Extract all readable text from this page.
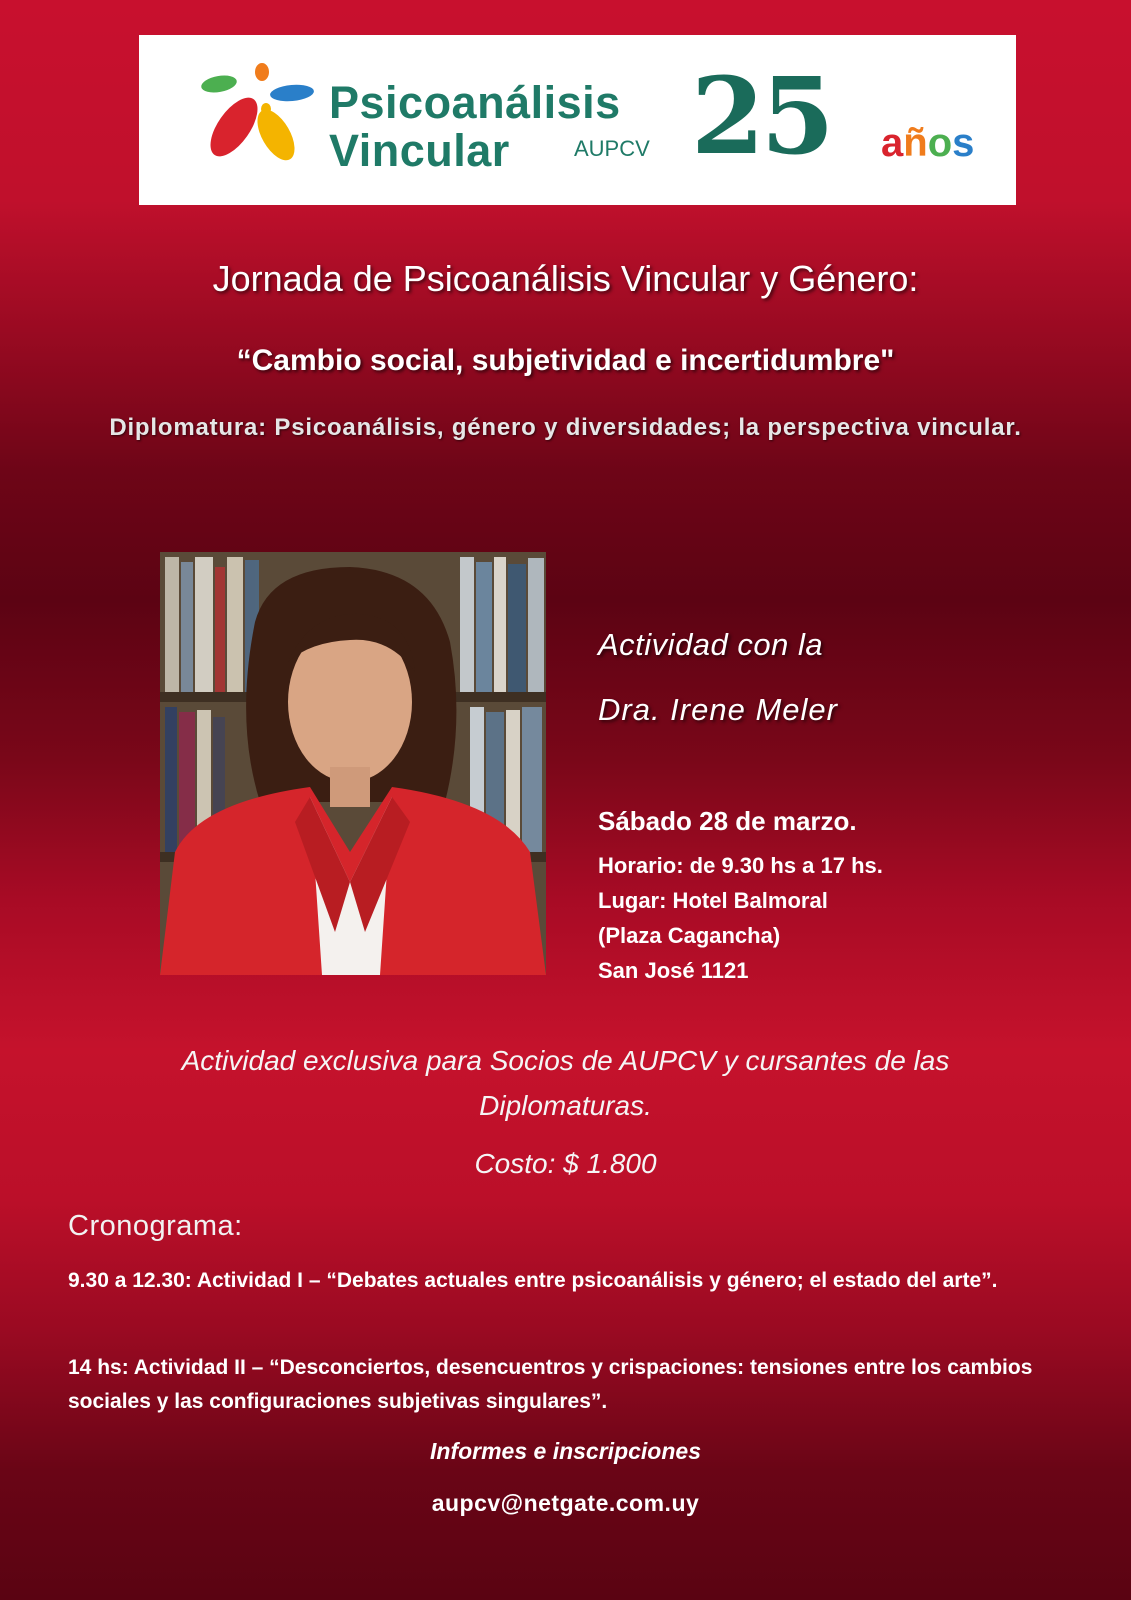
Psicoanálisis
Vincular	AUPCV 25 años
Jornada de Psicoanálisis Vincular y Género:
“Cambio social, subjetividad e incertidumbre"
Diplomatura: Psicoanálisis, género y diversidades; la perspectiva vincular.
Actividad con la
Dra. Irene Meler
Sábado 28 de marzo.
Horario: de 9.30 hs a 17 hs.
Lugar: Hotel Balmoral
(Plaza Cagancha)
San José 1121
Actividad exclusiva para Socios de AUPCV y cursantes de las Diplomaturas.
Costo: $ 1.800
Cronograma:
9.30 a 12.30: Actividad I – “Debates actuales entre psicoanálisis y género; el estado del arte”.
14 hs: Actividad II – “Desconciertos, desencuentros y crispaciones: tensiones entre los cambios sociales y las configuraciones subjetivas singulares”.
Informes e inscripciones
aupcv@netgate.com.uy
